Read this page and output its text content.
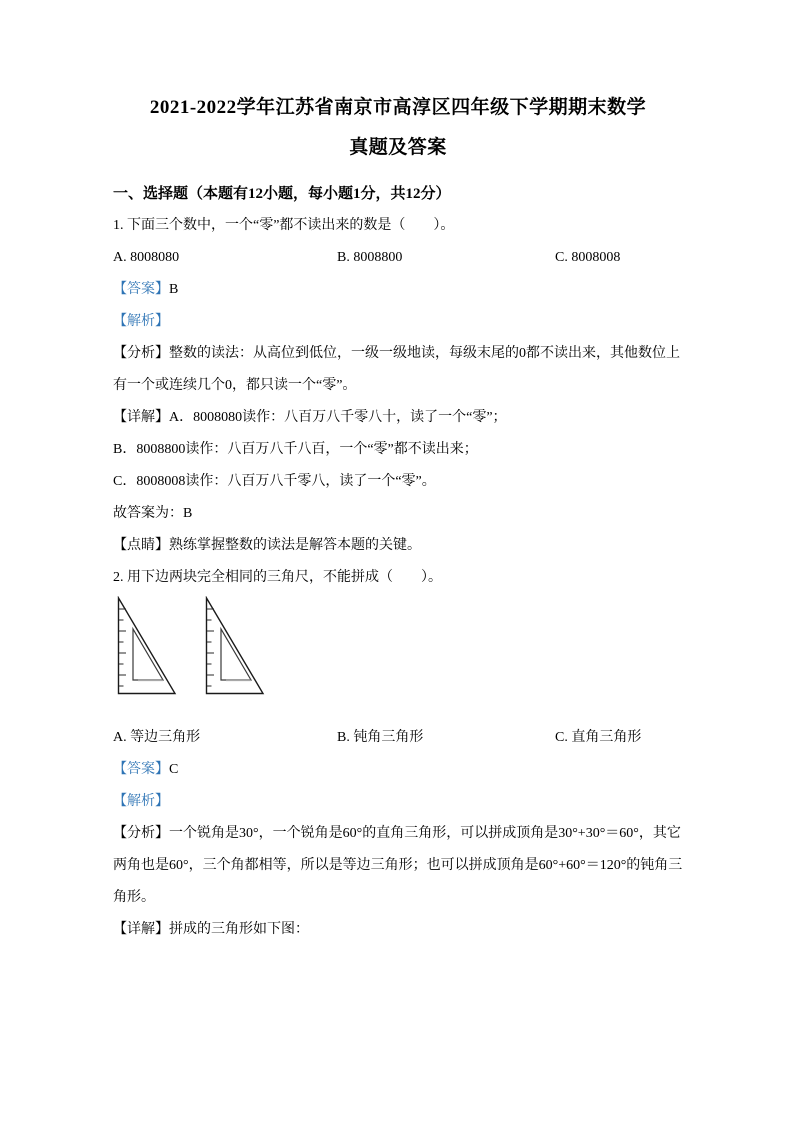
2021-2022学年江苏省南京市高淳区四年级下学期期末数学
真题及答案
一、选择题（本题有12小题，每小题1分，共12分）

1. 下面三个数中，一个“零”都不读出来的数是（　　）。

A. 8008080	B. 8008800	C. 8008008

【答案】B

【解析】

【分析】整数的读法：从高位到低位，一级一级地读，每级末尾的0都不读出来，其他数位上有一个或连续几个0，都只读一个“零”。

【详解】A．8008080读作：八百万八千零八十，读了一个“零”；

B．8008800读作：八百万八千八百，一个“零”都不读出来；

C．8008008读作：八百万八千零八，读了一个“零”。

故答案为：B

【点睛】熟练掌握整数的读法是解答本题的关键。

2. 用下边两块完全相同的三角尺，不能拼成（　　）。

A. 等边三角形	B. 钝角三角形	C. 直角三角形

【答案】C

【解析】

【分析】一个锐角是30°，一个锐角是60°的直角三角形，可以拼成顶角是30°+30°＝60°，其它两角也是60°，三个角都相等，所以是等边三角形；也可以拼成顶角是60°+60°＝120°的钝角三角形。

【详解】拼成的三角形如下图：
